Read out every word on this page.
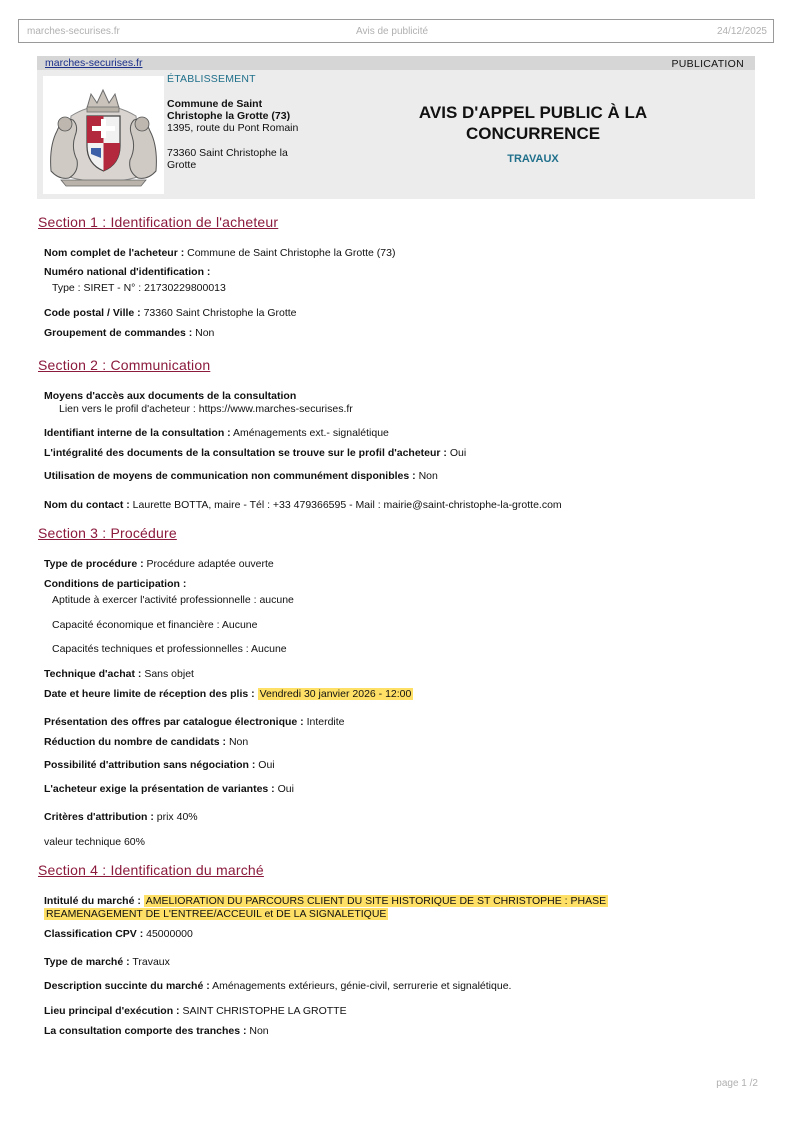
marches-securises.fr	Avis de publicité	24/12/2025
marches-securises.fr	PUBLICATION
ÉTABLISSEMENT
Commune de Saint Christophe la Grotte (73)
1395, route du Pont Romain
73360 Saint Christophe la Grotte
AVIS D'APPEL PUBLIC À LA CONCURRENCE
TRAVAUX
Section 1 : Identification de l'acheteur
Nom complet de l'acheteur : Commune de Saint Christophe la Grotte (73)
Numéro national d'identification :
Type : SIRET - N° : 21730229800013
Code postal / Ville : 73360 Saint Christophe la Grotte
Groupement de commandes : Non
Section 2 : Communication
Moyens d'accès aux documents de la consultation
Lien vers le profil d'acheteur : https://www.marches-securises.fr
Identifiant interne de la consultation : Aménagements ext.- signalétique
L'intégralité des documents de la consultation se trouve sur le profil d'acheteur : Oui
Utilisation de moyens de communication non communément disponibles : Non
Nom du contact : Laurette BOTTA, maire - Tél : +33 479366595 - Mail : mairie@saint-christophe-la-grotte.com
Section 3 : Procédure
Type de procédure : Procédure adaptée ouverte
Conditions de participation :
Aptitude à exercer l'activité professionnelle : aucune
Capacité économique et financière : Aucune
Capacités techniques et professionnelles : Aucune
Technique d'achat : Sans objet
Date et heure limite de réception des plis : Vendredi 30 janvier 2026 - 12:00
Présentation des offres par catalogue électronique : Interdite
Réduction du nombre de candidats : Non
Possibilité d'attribution sans négociation : Oui
L'acheteur exige la présentation de variantes : Oui
Critères d'attribution : prix 40%
valeur technique 60%
Section 4 : Identification du marché
Intitulé du marché : AMELIORATION DU PARCOURS CLIENT DU SITE HISTORIQUE DE ST CHRISTOPHE : PHASE
REAMENAGEMENT DE L'ENTREE/ACCEUIL et DE LA SIGNALETIQUE
Classification CPV : 45000000
Type de marché : Travaux
Description succinte du marché : Aménagements extérieurs, génie-civil, serrurerie et signalétique.
Lieu principal d'exécution : SAINT CHRISTOPHE LA GROTTE
La consultation comporte des tranches : Non
page 1 /2
